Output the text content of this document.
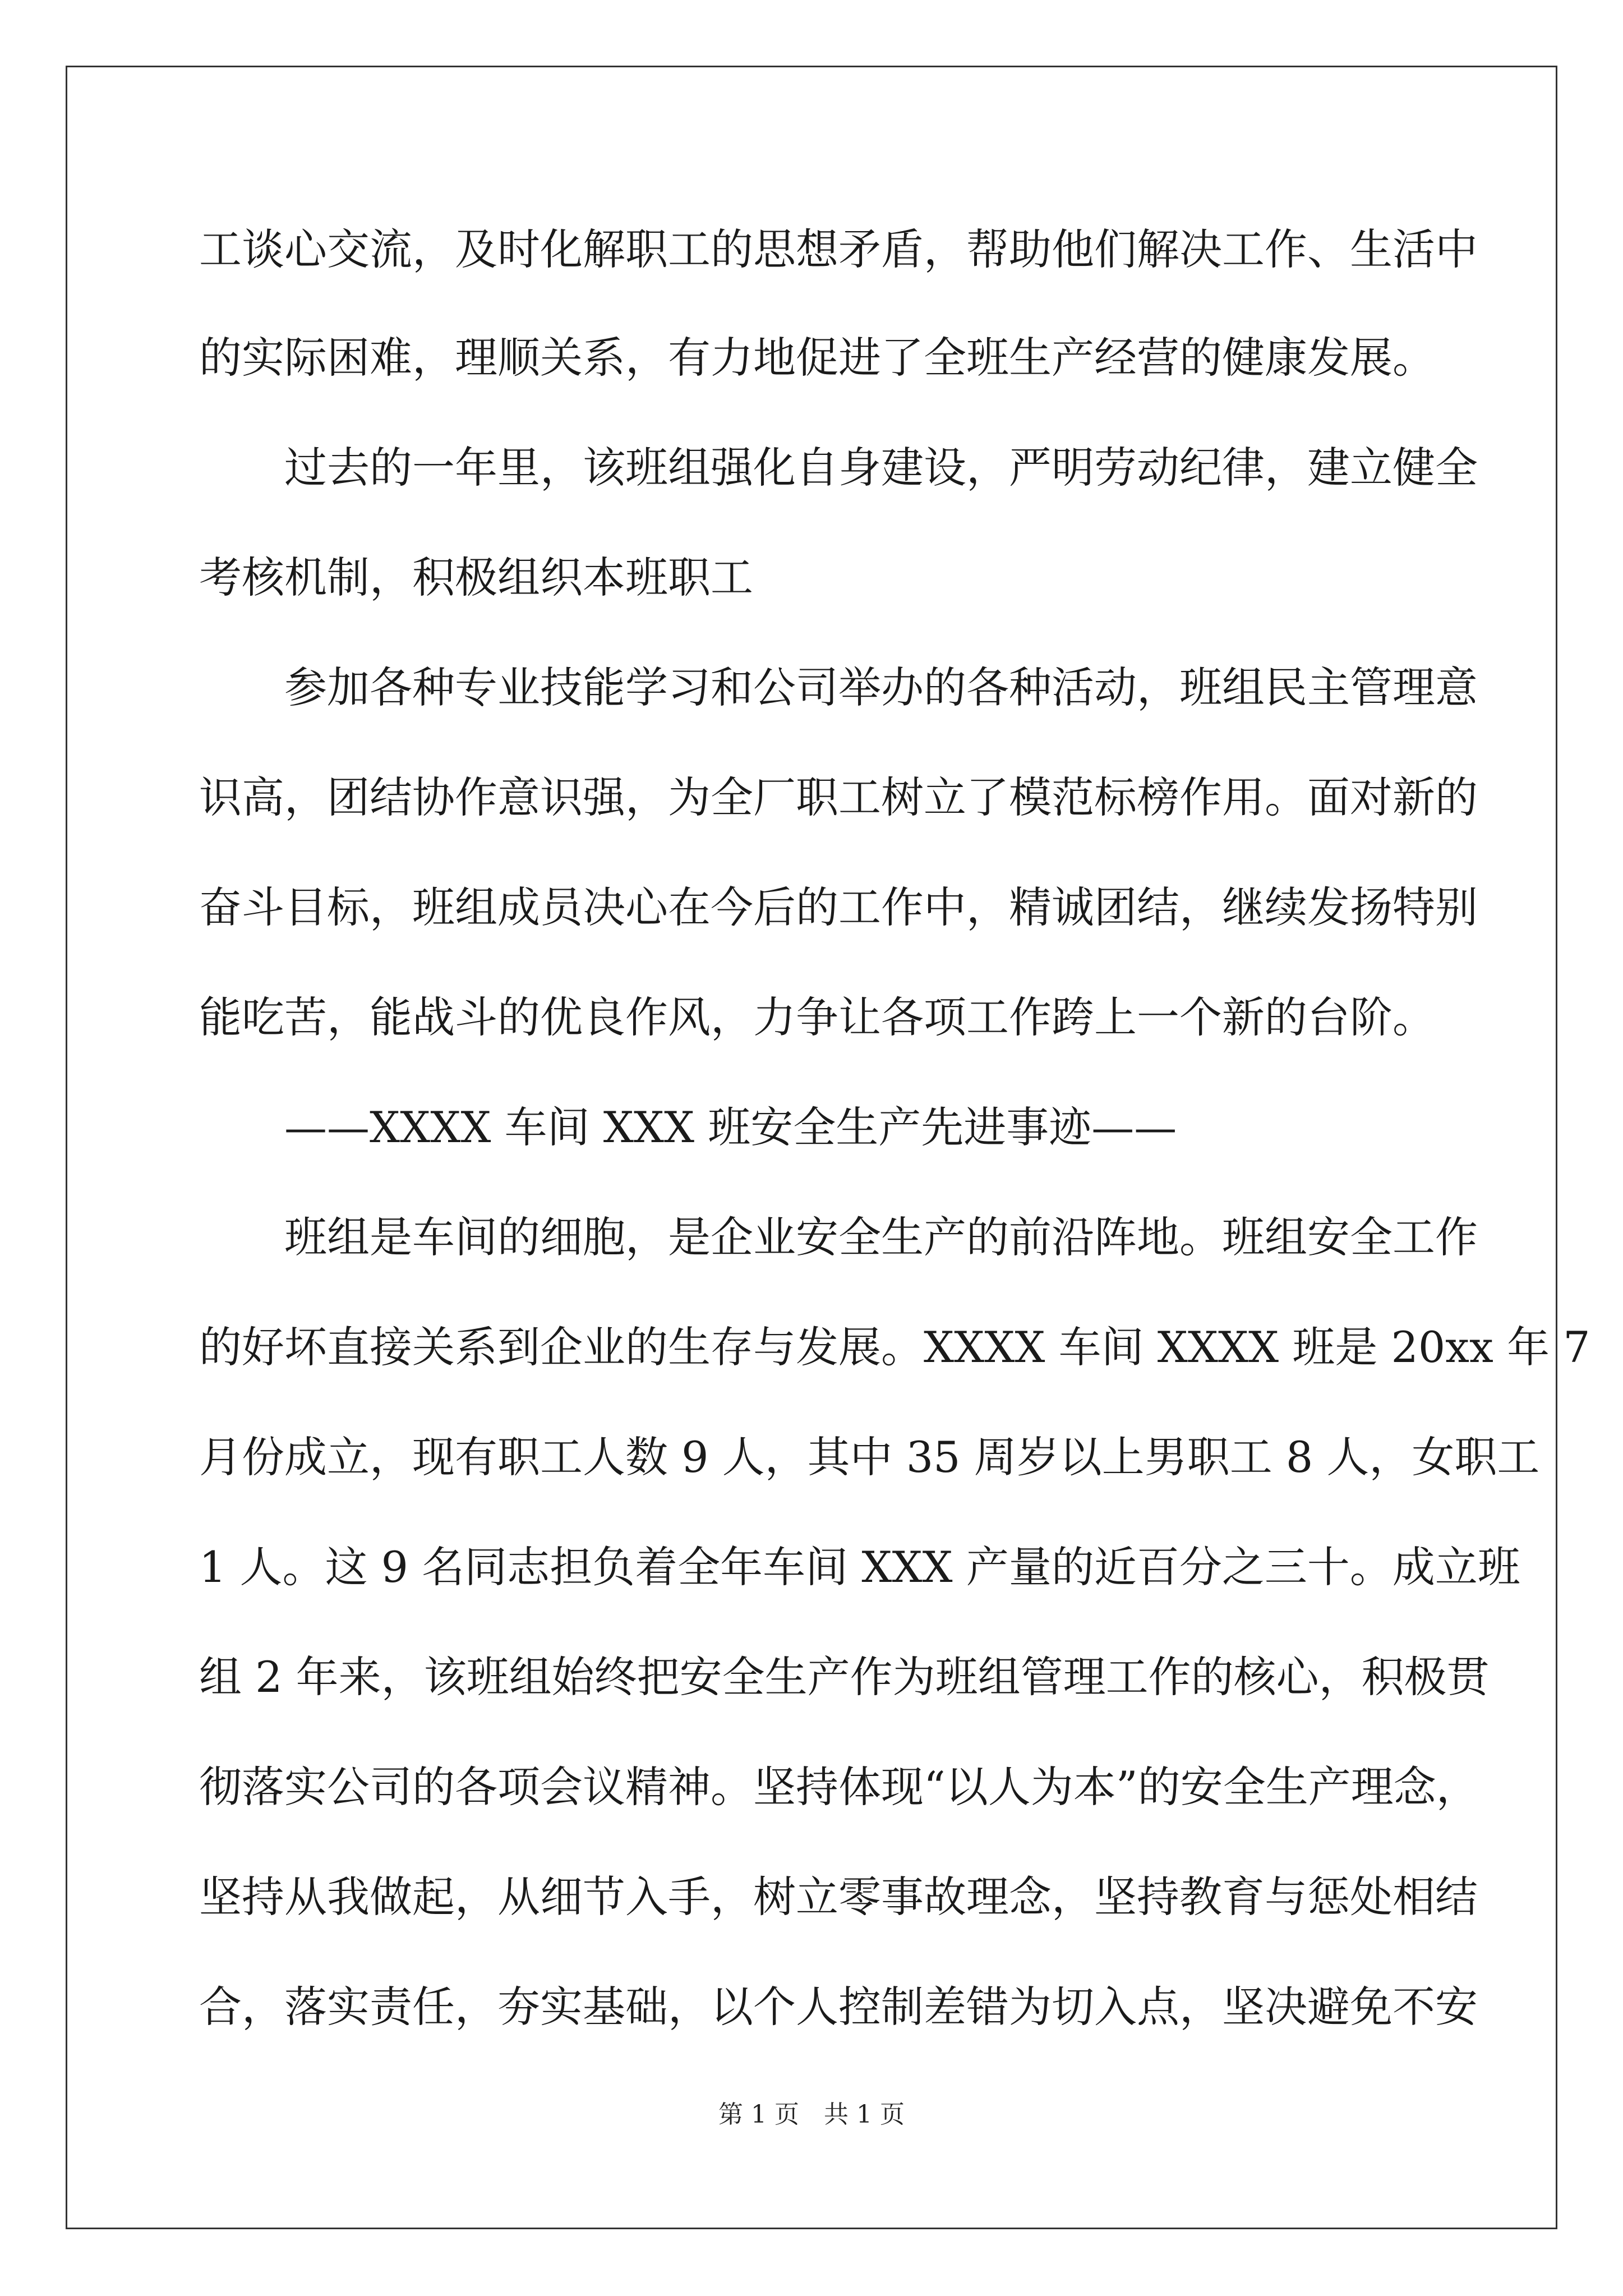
工谈心交流，及时化解职工的思想矛盾，帮助他们解决工作、生活中
的实际困难，理顺关系，有力地促进了全班生产经营的健康发展。
过去的一年里，该班组强化自身建设，严明劳动纪律，建立健全
考核机制，积极组织本班职工
参加各种专业技能学习和公司举办的各种活动，班组民主管理意
识高，团结协作意识强，为全厂职工树立了模范标榜作用。面对新的
奋斗目标，班组成员决心在今后的工作中，精诚团结，继续发扬特别
能吃苦，能战斗的优良作风，力争让各项工作跨上一个新的台阶。
——XXXX 车间 XXX 班安全生产先进事迹——
班组是车间的细胞，是企业安全生产的前沿阵地。班组安全工作
的好坏直接关系到企业的生存与发展。XXXX 车间 XXXX 班是 20xx 年 7
月份成立，现有职工人数 9 人，其中 35 周岁以上男职工 8 人，女职工
1 人。这 9 名同志担负着全年车间 XXX 产量的近百分之三十。成立班
组 2 年来，该班组始终把安全生产作为班组管理工作的核心，积极贯
彻落实公司的各项会议精神。坚持体现“以人为本”的安全生产理念，
坚持从我做起，从细节入手，树立零事故理念，坚持教育与惩处相结
合，落实责任，夯实基础，以个人控制差错为切入点，坚决避免不安
第 1 页　共 1 页
